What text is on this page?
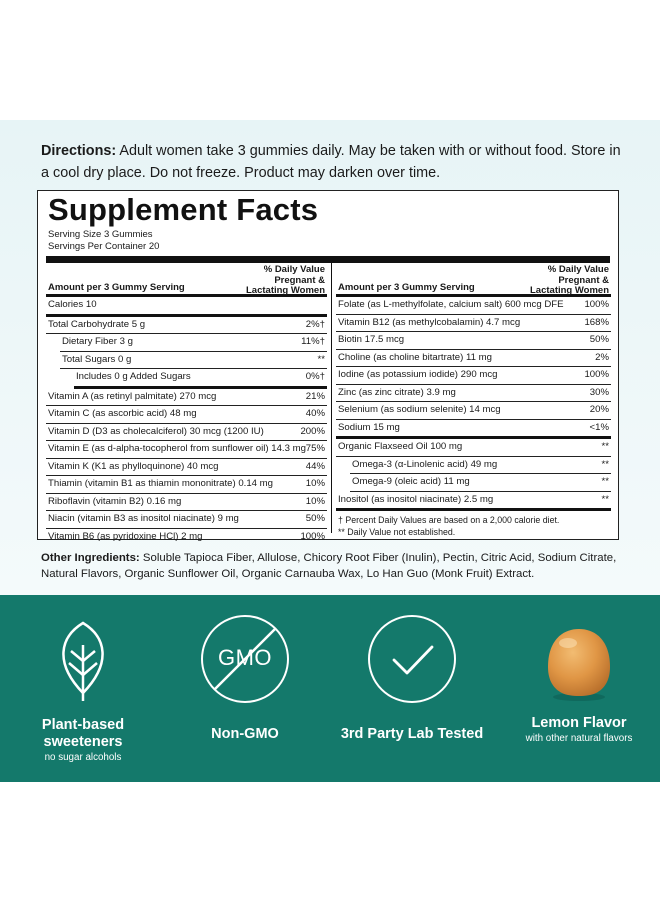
Directions: Adult women take 3 gummies daily. May be taken with or without food. Store in a cool dry place. Do not freeze. Product may darken over time.
Supplement Facts
Serving Size 3 Gummies
Servings Per Container 20
Amount per 3 Gummy Serving
% Daily Value
Pregnant &
Lactating Women
Calories 10
Total Carbohydrate 5 g	2%†
Dietary Fiber 3 g	11%†
Total Sugars 0 g	**
Includes 0 g Added Sugars	0%†
Vitamin A (as retinyl palmitate) 270 mcg	21%
Vitamin C (as ascorbic acid) 48 mg	40%
Vitamin D (D3 as cholecalciferol) 30 mcg (1200 IU)	200%
Vitamin E (as d-alpha-tocopherol from sunflower oil) 14.3 mg 75%
Vitamin K (K1 as phylloquinone) 40 mcg	44%
Thiamin (vitamin B1 as thiamin mononitrate) 0.14 mg	10%
Riboflavin (vitamin B2) 0.16 mg	10%
Niacin (vitamin B3 as inositol niacinate) 9 mg	50%
Vitamin B6 (as pyridoxine HCl) 2 mg	100%
Amount per 3 Gummy Serving
% Daily Value
Pregnant &
Lactating Women
Folate (as L-methylfolate, calcium salt) 600 mcg DFE 100%
Vitamin B12 (as methylcobalamin) 4.7 mcg	168%
Biotin 17.5 mcg	50%
Choline (as choline bitartrate) 11 mg	2%
Iodine (as potassium iodide) 290 mcg	100%
Zinc (as zinc citrate) 3.9 mg	30%
Selenium (as sodium selenite) 14 mcg	20%
Sodium 15 mg	<1%
Organic Flaxseed Oil 100 mg	**
Omega-3 (α-Linolenic acid) 49 mg	**
Omega-9 (oleic acid) 11 mg	**
Inositol (as inositol niacinate) 2.5 mg	**
† Percent Daily Values are based on a 2,000 calorie diet.
** Daily Value not established.
Other Ingredients: Soluble Tapioca Fiber, Allulose, Chicory Root Fiber (Inulin), Pectin, Citric Acid, Sodium Citrate, Natural Flavors, Organic Sunflower Oil, Organic Carnauba Wax, Lo Han Guo (Monk Fruit) Extract.
Plant-based sweeteners
no sugar alcohols
GMO
Non-GMO	3rd Party Lab Tested
Lemon Flavor
with other natural flavors
